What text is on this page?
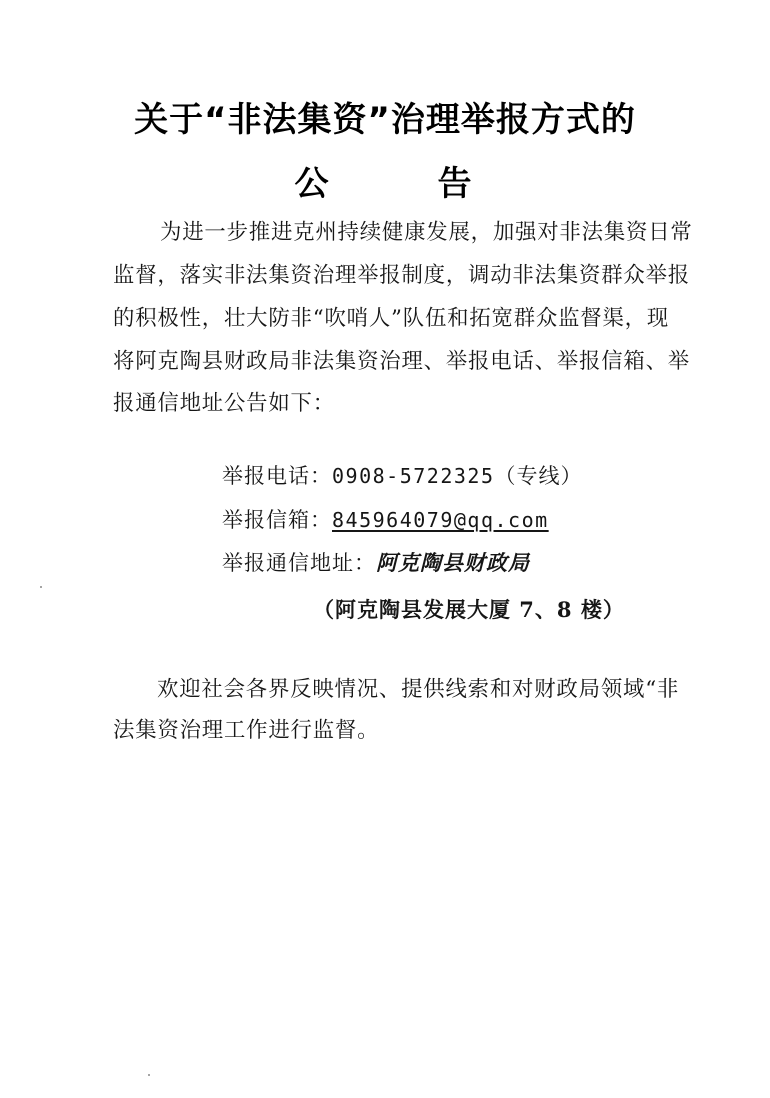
关于“非法集资”治理举报方式的
公	告
为进一步推进克州持续健康发展，加强对非法集资日常
监督，落实非法集资治理举报制度，调动非法集资群众举报
的积极性，壮大防非“吹哨人”队伍和拓宽群众监督渠，现
将阿克陶县财政局非法集资治理、举报电话、举报信箱、举
报通信地址公告如下：
举报电话：0908-5722325（专线）
举报信箱：845964079@qq.com
举报通信地址：阿克陶县财政局
（阿克陶县发展大厦 7、8 楼）
欢迎社会各界反映情况、提供线索和对财政局领域“非
法集资治理工作进行监督。
